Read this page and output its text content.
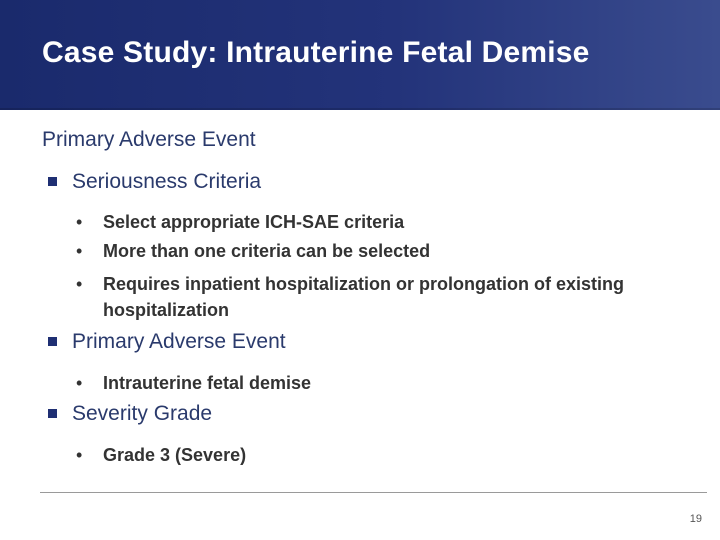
Case Study: Intrauterine Fetal Demise
Primary Adverse Event
Seriousness Criteria
• Select appropriate ICH-SAE criteria
• More than one criteria can be selected
• Requires inpatient hospitalization or prolongation of existing hospitalization
Primary Adverse Event
• Intrauterine fetal demise
Severity Grade
• Grade 3 (Severe)
19
